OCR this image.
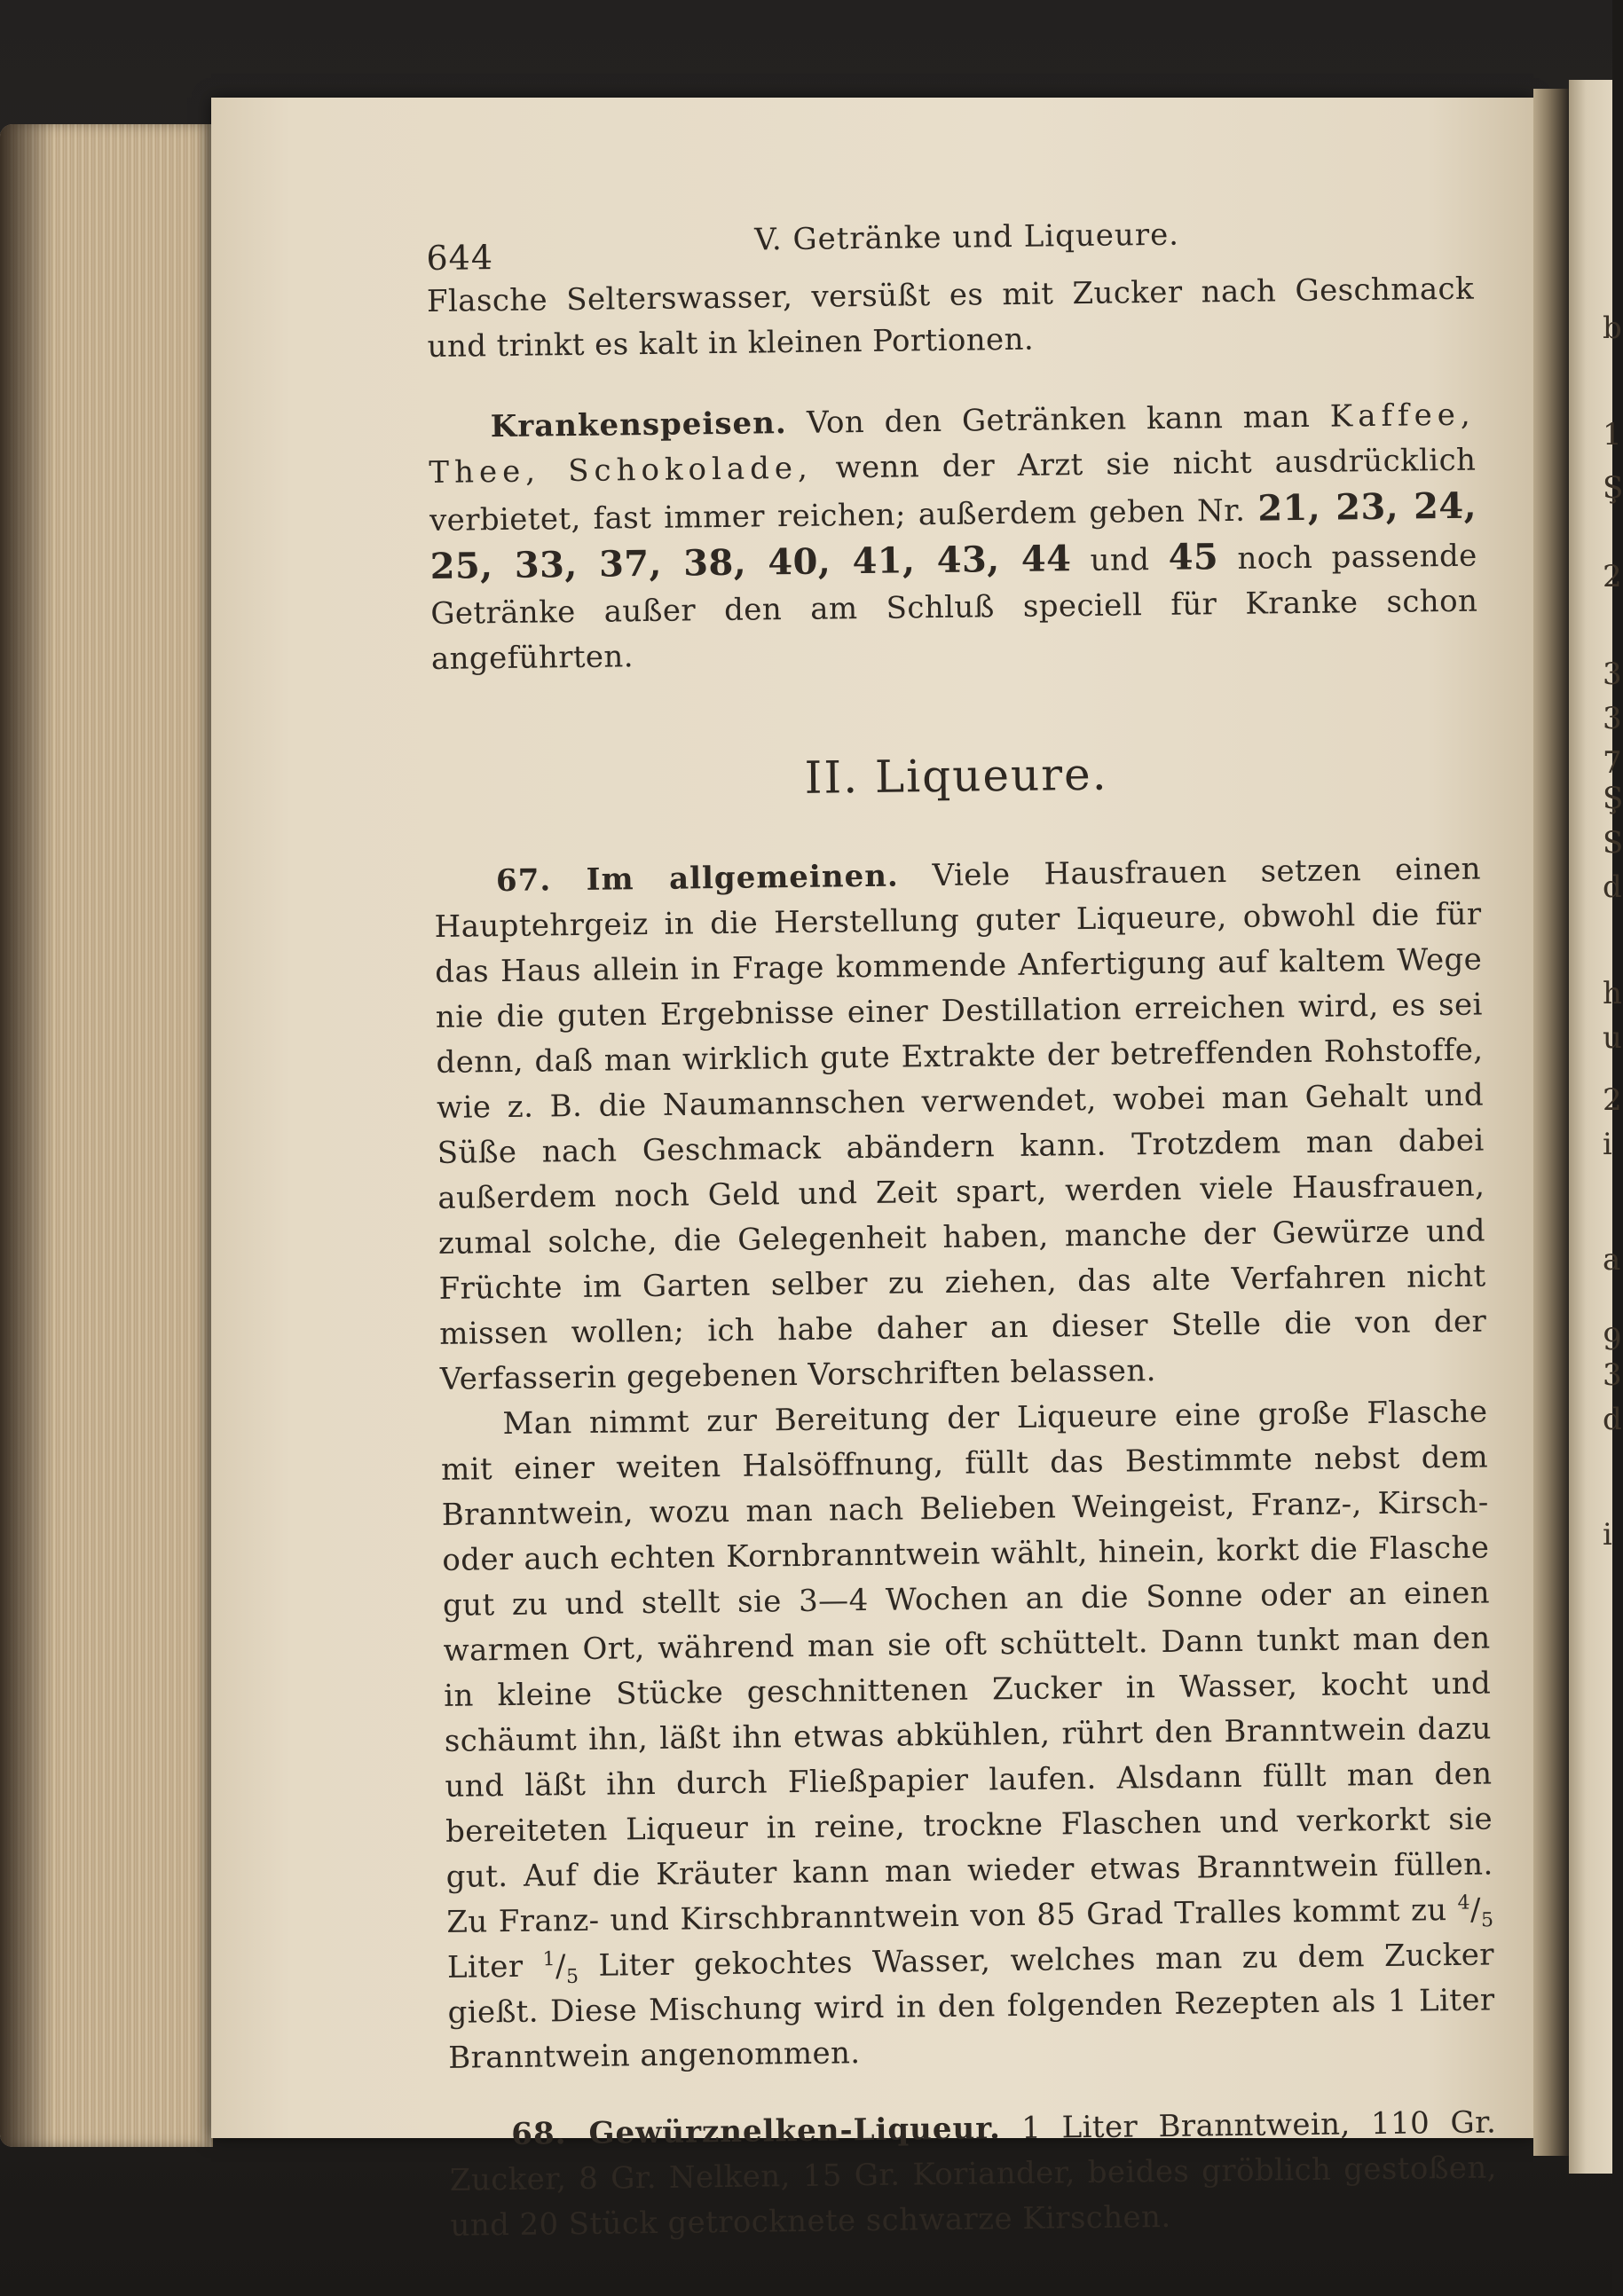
b
1
Ş
2
3
3
7
Ş
S
d
h
u
2
i
a
9
3
d
i
644
V. Getränke und Liqueure.

Flasche Selterswasser, versüßt es mit Zucker nach Geschmack und trinkt es kalt in kleinen Portionen.

Krankenspeisen. Von den Getränken kann man Kaffee, Thee, Schokolade, wenn der Arzt sie nicht ausdrücklich verbietet, fast immer reichen; außerdem geben Nr. 21, 23, 24, 25, 33, 37, 38, 40, 41, 43, 44 und 45 noch passende Getränke außer den am Schluß speciell für Kranke schon angeführten.

II. Liqueure.

67. Im allgemeinen. Viele Hausfrauen setzen einen Hauptehrgeiz in die Herstellung guter Liqueure, obwohl die für das Haus allein in Frage kommende Anfertigung auf kaltem Wege nie die guten Ergebnisse einer Destillation erreichen wird, es sei denn, daß man wirklich gute Extrakte der betreffenden Rohstoffe, wie z. B. die Naumannschen verwendet, wobei man Gehalt und Süße nach Geschmack abändern kann. Trotzdem man dabei außerdem noch Geld und Zeit spart, werden viele Hausfrauen, zumal solche, die Gelegenheit haben, manche der Gewürze und Früchte im Garten selber zu ziehen, das alte Verfahren nicht missen wollen; ich habe daher an dieser Stelle die von der Verfasserin gegebenen Vorschriften belassen.

Man nimmt zur Bereitung der Liqueure eine große Flasche mit einer weiten Halsöffnung, füllt das Bestimmte nebst dem Branntwein, wozu man nach Belieben Weingeist, Franz-, Kirsch- oder auch echten Kornbranntwein wählt, hinein, korkt die Flasche gut zu und stellt sie 3—4 Wochen an die Sonne oder an einen warmen Ort, während man sie oft schüttelt. Dann tunkt man den in kleine Stücke geschnittenen Zucker in Wasser, kocht und schäumt ihn, läßt ihn etwas abkühlen, rührt den Branntwein dazu und läßt ihn durch Fließpapier laufen. Alsdann füllt man den bereiteten Liqueur in reine, trockne Flaschen und verkorkt sie gut. Auf die Kräuter kann man wieder etwas Branntwein füllen. Zu Franz- und Kirschbranntwein von 85 Grad Tralles kommt zu $^4/_5$ Liter $^1/_5$ Liter gekochtes Wasser, welches man zu dem Zucker gießt. Diese Mischung wird in den folgenden Rezepten als 1 Liter Branntwein angenommen.

68. Gewürznelken-Liqueur. 1 Liter Branntwein, 110 Gr. Zucker, 8 Gr. Nelken, 15 Gr. Koriander, beides gröblich gestoßen, und 20 Stück getrocknete schwarze Kirschen.
